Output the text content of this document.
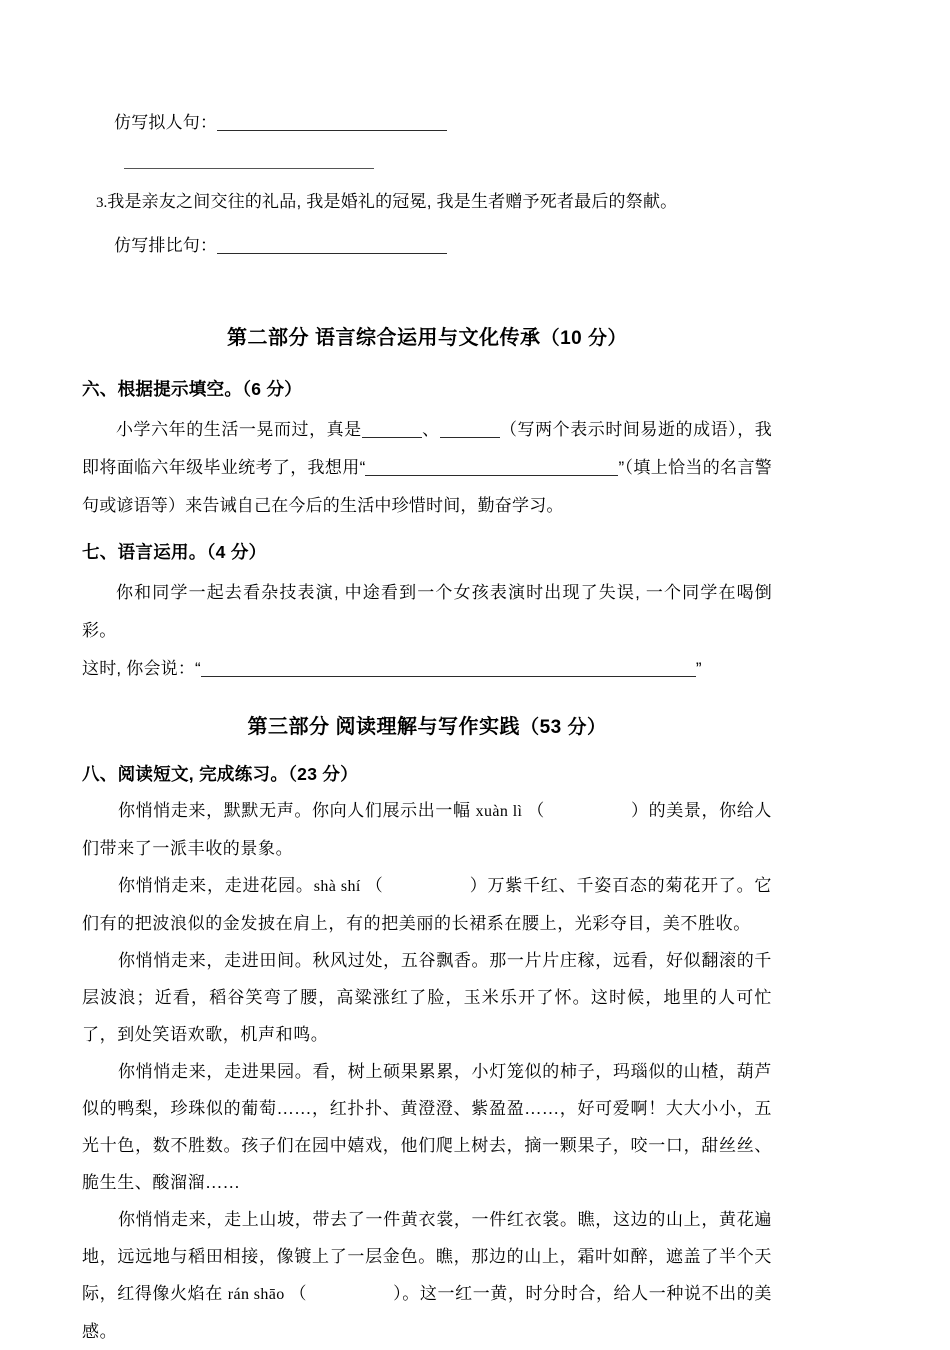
仿写拟人句：
3.我是亲友之间交往的礼品, 我是婚礼的冠冕, 我是生者赠予死者最后的祭献。
仿写排比句：
第二部分 语言综合运用与文化传承（10 分）
六、根据提示填空。（6 分）

小学六年的生活一晃而过，真是	、	（写两个表示时间易逝的成语），我即将面临六年级毕业统考了，我想用“	”（填上恰当的名言警句或谚语等）来告诫自己在今后的生活中珍惜时间，勤奋学习。

七、语言运用。（4 分）

你和同学一起去看杂技表演, 中途看到一个女孩表演时出现了失误, 一个同学在喝倒彩。

这时, 你会说：“	”
第三部分 阅读理解与写作实践（53 分）
八、阅读短文, 完成练习。（23 分）

你悄悄走来，默默无声。你向人们展示出一幅 xuàn lì （	）的美景，你给人们带来了一派丰收的景象。

你悄悄走来，走进花园。shà shí （	）万紫千红、千姿百态的菊花开了。它们有的把波浪似的金发披在肩上，有的把美丽的长裙系在腰上，光彩夺目，美不胜收。

你悄悄走来，走进田间。秋风过处，五谷飘香。那一片片庄稼，远看，好似翻滚的千层波浪；近看，稻谷笑弯了腰，高粱涨红了脸，玉米乐开了怀。这时候，地里的人可忙了，到处笑语欢歌，机声和鸣。

你悄悄走来，走进果园。看，树上硕果累累，小灯笼似的柿子，玛瑙似的山楂，葫芦似的鸭梨，珍珠似的葡萄……，红扑扑、黄澄澄、紫盈盈……，好可爱啊！大大小小，五光十色，数不胜数。孩子们在园中嬉戏，他们爬上树去，摘一颗果子，咬一口，甜丝丝、脆生生、酸溜溜……

你悄悄走来，走上山坡，带去了一件黄衣裳，一件红衣裳。瞧，这边的山上，黄花遍地，远远地与稻田相接，像镀上了一层金色。瞧，那边的山上，霜叶如醉，遮盖了半个天际，红得像火焰在 rán shāo （	）。这一红一黄，时分时合，给人一种说不出的美感。
